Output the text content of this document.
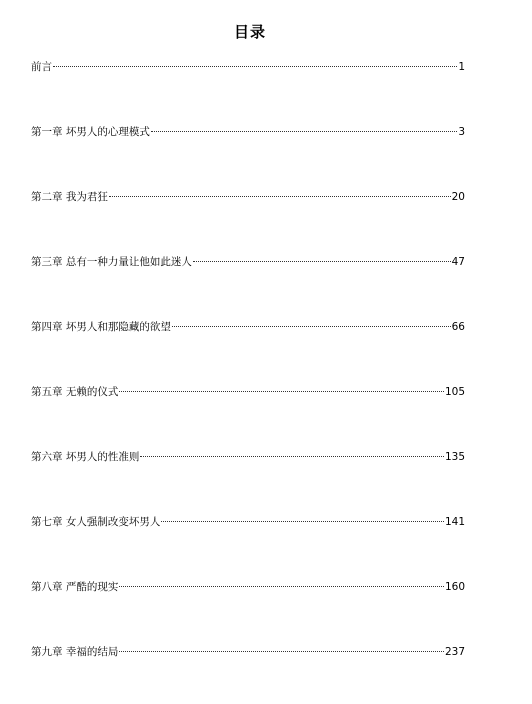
目录
前言	1
第一章 坏男人的心理模式	3
第二章 我为君狂	20
第三章 总有一种力量让他如此迷人	47
第四章 坏男人和那隐藏的欲望	66
第五章 无赖的仪式	105
第六章 坏男人的性准则	135
第七章 女人强制改变坏男人	141
第八章 严酷的现实	160
第九章 幸福的结局	237
